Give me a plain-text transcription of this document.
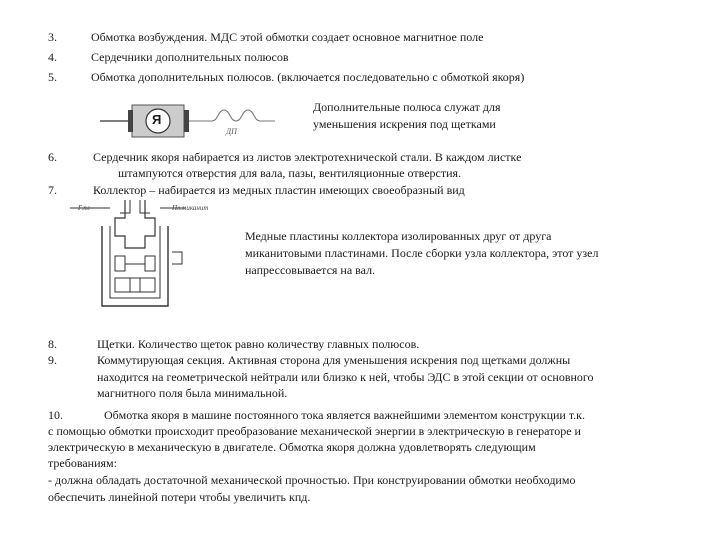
3.	Обмотка возбуждения. МДС этой обмотки создает основное магнитное поле
4.	Сердечники дополнительных полюсов
5.	Обмотка дополнительных полюсов. (включается последовательно с обмоткой якоря)
Я
ДП
Дополнительные полюса служат для
уменьшения искрения под щетками
6.	Сердечник якоря набирается из листов электротехнической стали. В каждом листке
штампуются отверстия для вала, пазы, вентиляционные отверстия.
7.	Коллектор – набирается из медных пластин имеющих своеобразный вид
Г.пл	Пл.миканит
Медные пластины коллектора изолированных друг от друга
миканитовыми пластинами. После сборки узла коллектора, этот узел
напрессовывается на вал.
8.	Щетки. Количество щеток равно количеству главных полюсов.
9.	Коммутирующая секция. Активная сторона для уменьшения искрения под щетками должны
находится на геометрической нейтрали или близко к ней, чтобы ЭДС в этой секции от основного
магнитного поля была минимальной.
10.	Обмотка якоря в машине постоянного тока является важнейшими элементом конструкции т.к.
с помощью обмотки происходит преобразование механической энергии в электрическую в генераторе и
электрическую в механическую в двигателе. Обмотка якоря должна удовлетворять следующим
требованиям:
- должна обладать достаточной механической прочностью. При конструировании обмотки необходимо
обеспечить линейной потери чтобы увеличить кпд.
